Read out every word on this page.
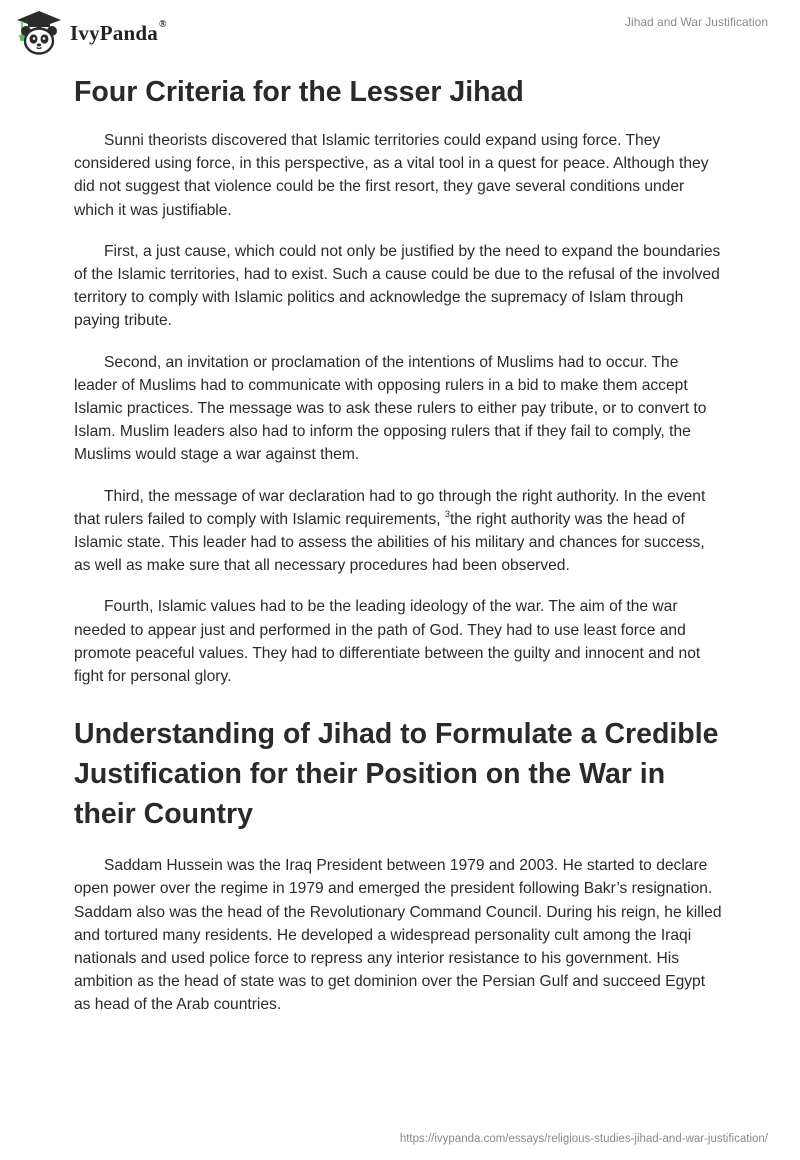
IvyPanda®	Jihad and War Justification
Four Criteria for the Lesser Jihad

Sunni theorists discovered that Islamic territories could expand using force. They considered using force, in this perspective, as a vital tool in a quest for peace. Although they did not suggest that violence could be the first resort, they gave several conditions under which it was justifiable.

First, a just cause, which could not only be justified by the need to expand the boundaries of the Islamic territories, had to exist. Such a cause could be due to the refusal of the involved territory to comply with Islamic politics and acknowledge the supremacy of Islam through paying tribute.

Second, an invitation or proclamation of the intentions of Muslims had to occur. The leader of Muslims had to communicate with opposing rulers in a bid to make them accept Islamic practices. The message was to ask these rulers to either pay tribute, or to convert to Islam. Muslim leaders also had to inform the opposing rulers that if they fail to comply, the Muslims would stage a war against them.

Third, the message of war declaration had to go through the right authority. In the event that rulers failed to comply with Islamic requirements, $^3$the right authority was the head of Islamic state. This leader had to assess the abilities of his military and chances for success, as well as make sure that all necessary procedures had been observed.

Fourth, Islamic values had to be the leading ideology of the war. The aim of the war needed to appear just and performed in the path of God. They had to use least force and promote peaceful values. They had to differentiate between the guilty and innocent and not fight for personal glory.

Understanding of Jihad to Formulate a Credible Justification for their Position on the War in their Country

Saddam Hussein was the Iraq President between 1979 and 2003. He started to declare open power over the regime in 1979 and emerged the president following Bakr’s resignation. Saddam also was the head of the Revolutionary Command Council. During his reign, he killed and tortured many residents. He developed a widespread personality cult among the Iraqi nationals and used police force to repress any interior resistance to his government. His ambition as the head of state was to get dominion over the Persian Gulf and succeed Egypt as head of the Arab countries.

https://ivypanda.com/essays/religious-studies-jihad-and-war-justification/
